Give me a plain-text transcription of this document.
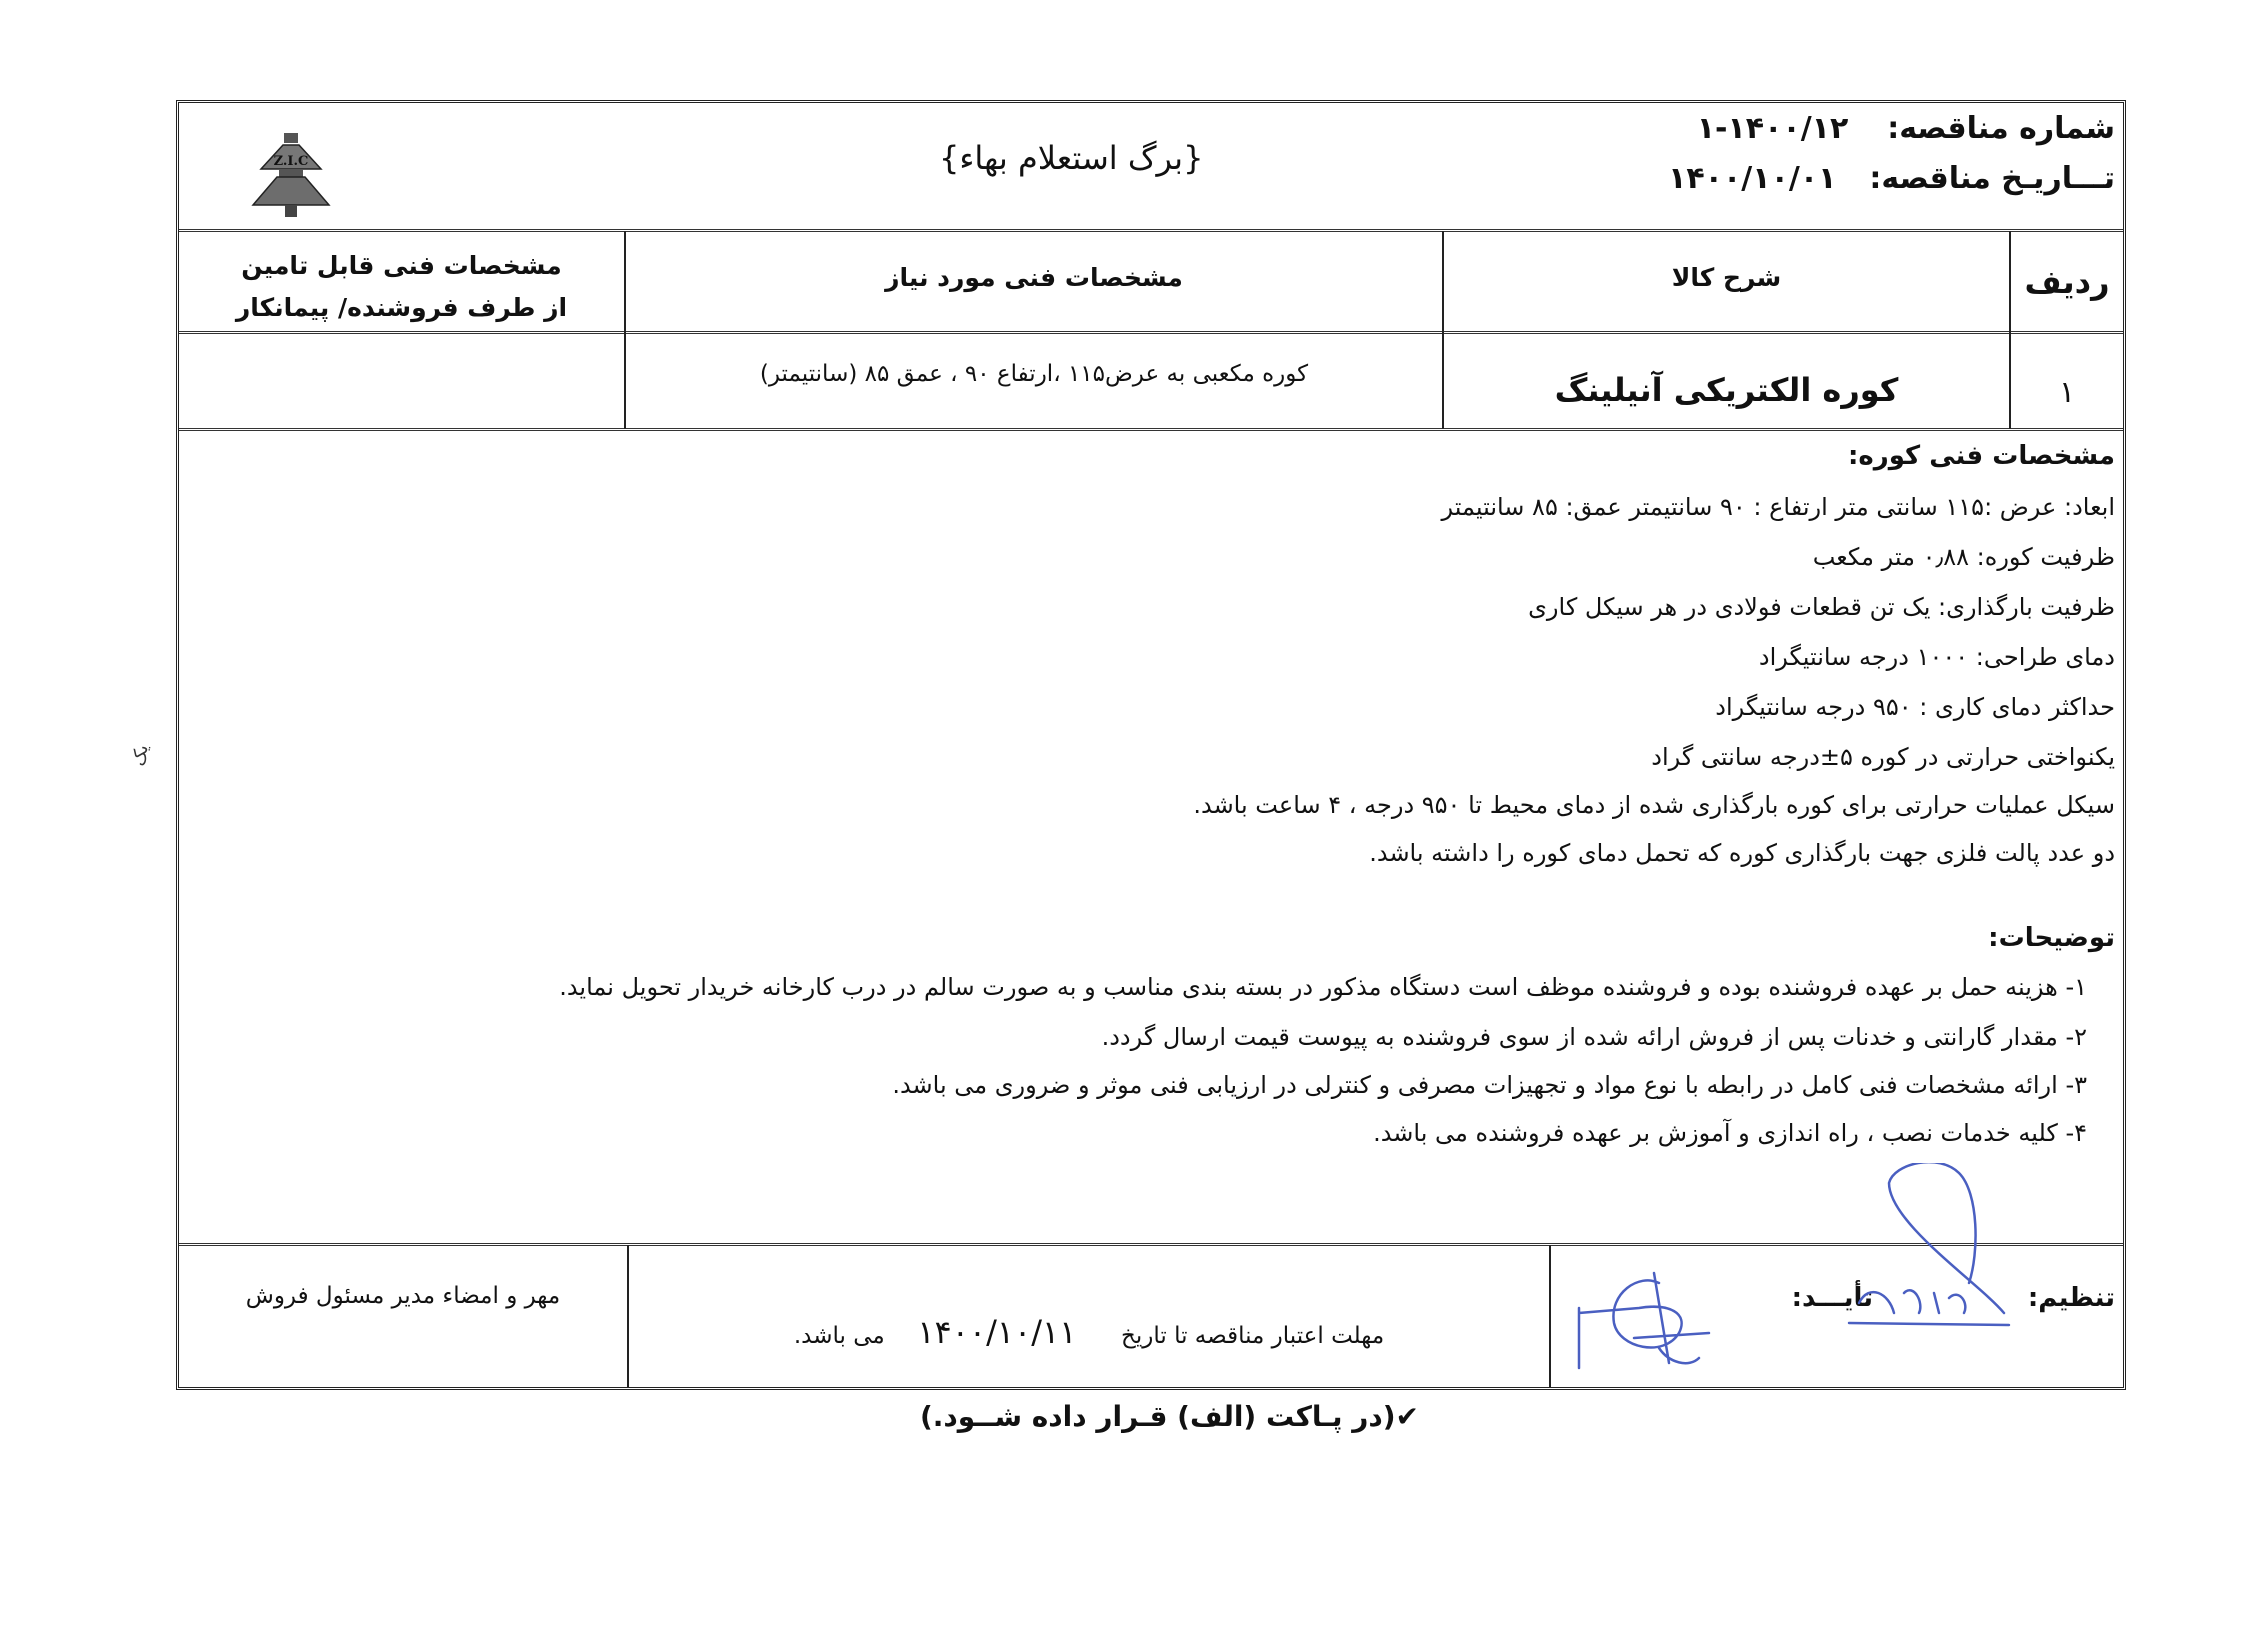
شماره مناقصه:  ۱۴۰۰/۱۲-۱
تـــاریـخ مناقصه:  ۱۴۰۰/۱۰/۰۱
{برگ استعلام بهاء}
Z.I.C
ردیف
شرح کالا
مشخصات فنی مورد نیاز
مشخصات فنی قابل تامین
از طرف فروشنده/ پیمانکار
۱
کوره الکتریکی آنیلینگ
کوره مکعبی به عرض۱۱۵ ،ارتفاع ۹۰ ، عمق ۸۵ (سانتیمتر)
مشخصات فنی کوره:
ابعاد: عرض :۱۱۵ سانتی متر ارتفاع : ۹۰ سانتیمتر عمق: ۸۵ سانتیمتر
ظرفیت کوره: ۰٫۸۸ متر مکعب
ظرفیت بارگذاری: یک تن قطعات فولادی در هر سیکل کاری
دمای طراحی: ۱۰۰۰ درجه سانتیگراد
حداکثر دمای کاری : ۹۵۰ درجه سانتیگراد
یکنواختی حرارتی در کوره ۵±درجه سانتی گراد
سیکل عملیات حرارتی برای کوره بارگذاری شده از دمای محیط تا ۹۵۰ درجه ، ۴ ساعت باشد.
دو عدد پالت فلزی جهت بارگذاری کوره که تحمل دمای کوره را داشته باشد.
توضیحات:
۱- هزینه حمل بر عهده فروشنده بوده و فروشنده موظف است دستگاه مذکور در بسته بندی مناسب و به صورت سالم در درب کارخانه خریدار تحویل نماید.
۲- مقدار گارانتی و خدنات پس از فروش ارائه شده از سوی فروشنده به پیوست قیمت ارسال گردد.
۳- ارائه مشخصات فنی کامل در رابطه با نوع مواد و تجهیزات مصرفی و کنترلی در ارزیابی فنی موثر و ضروری می باشد.
۴- کلیه خدمات نصب ، راه اندازی و آموزش بر عهده فروشنده می باشد.
تنظیم:
تأیـــد:
مهلت اعتبار مناقصه تا تاریخ  ۱۴۰۰/۱۰/۱۱  می باشد.
مهر و امضاء مدیر مسئول فروش
✔(در پـاکت (الف) قـرار داده شــود.)
یک
